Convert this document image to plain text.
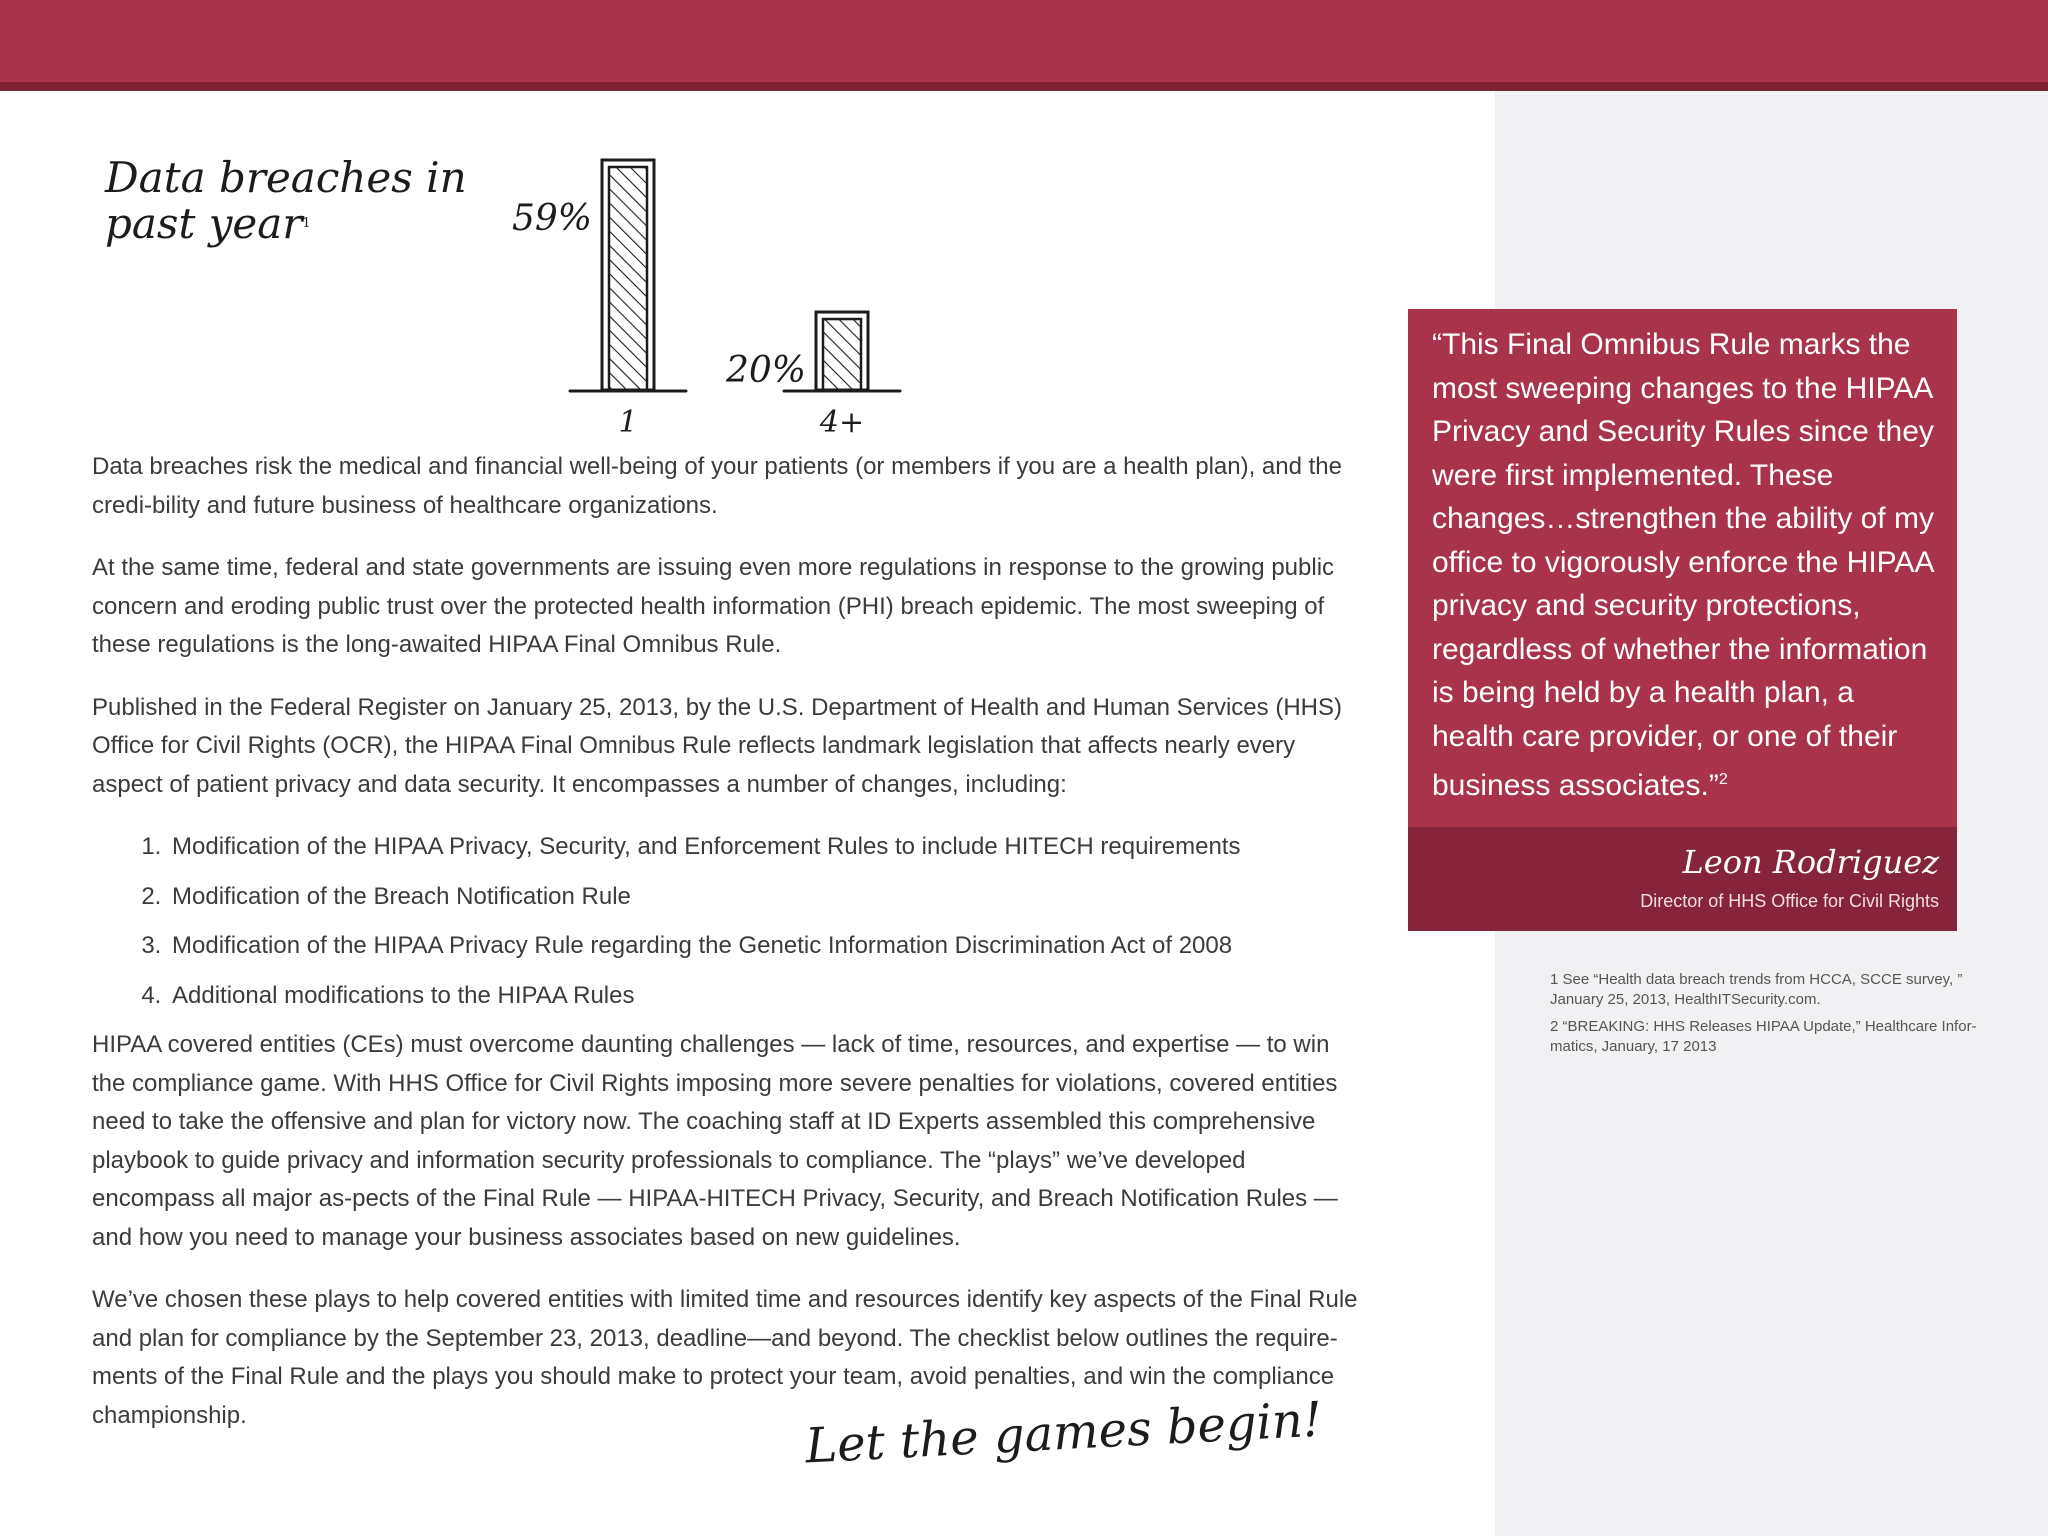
Data breaches in past year$^1$	59%
1
20%
4+

Data breaches risk the medical and financial well-being of your patients (or members if you are a health plan), and the credi-bility and future business of healthcare organizations.

At the same time, federal and state governments are issuing even more regulations in response to the growing public concern and eroding public trust over the protected health information (PHI) breach epidemic. The most sweeping of these regulations is the long-awaited HIPAA Final Omnibus Rule.

Published in the Federal Register on January 25, 2013, by the U.S. Department of Health and Human Services (HHS) Office for Civil Rights (OCR), the HIPAA Final Omnibus Rule reflects landmark legislation that affects nearly every aspect of patient privacy and data security. It encompasses a number of changes, including:

1. Modification of the HIPAA Privacy, Security, and Enforcement Rules to include HITECH requirements
2. Modification of the Breach Notification Rule
3. Modification of the HIPAA Privacy Rule regarding the Genetic Information Discrimination Act of 2008
4. Additional modifications to the HIPAA Rules

HIPAA covered entities (CEs) must overcome daunting challenges — lack of time, resources, and expertise — to win the compliance game. With HHS Office for Civil Rights imposing more severe penalties for violations, covered entities need to take the offensive and plan for victory now. The coaching staff at ID Experts assembled this comprehensive playbook to guide privacy and information security professionals to compliance. The “plays” we’ve developed encompass all major as-pects of the Final Rule — HIPAA-HITECH Privacy, Security, and Breach Notification Rules — and how you need to manage your business associates based on new guidelines.

We’ve chosen these plays to help covered entities with limited time and resources identify key aspects of the Final Rule and plan for compliance by the September 23, 2013, deadline—and beyond. The checklist below outlines the require-ments of the Final Rule and the plays you should make to protect your team, avoid penalties, and win the compliance championship.	Let the games begin!
“This Final Omnibus Rule marks the most sweeping changes to the HIPAA Privacy and Security Rules since they were first implemented. These changes…strengthen the ability of my office to vigorously enforce the HIPAA privacy and security protections, regardless of whether the information is being held by a health plan, a health care provider, or one of their business associates.”$^2$
Leon Rodriguez
Director of HHS Office for Civil Rights

1 See “Health data breach trends from HCCA, SCCE survey, ” January 25, 2013, HealthITSecurity.com.

2 “BREAKING: HHS Releases HIPAA Update,” Healthcare Infor-matics, January, 17 2013
